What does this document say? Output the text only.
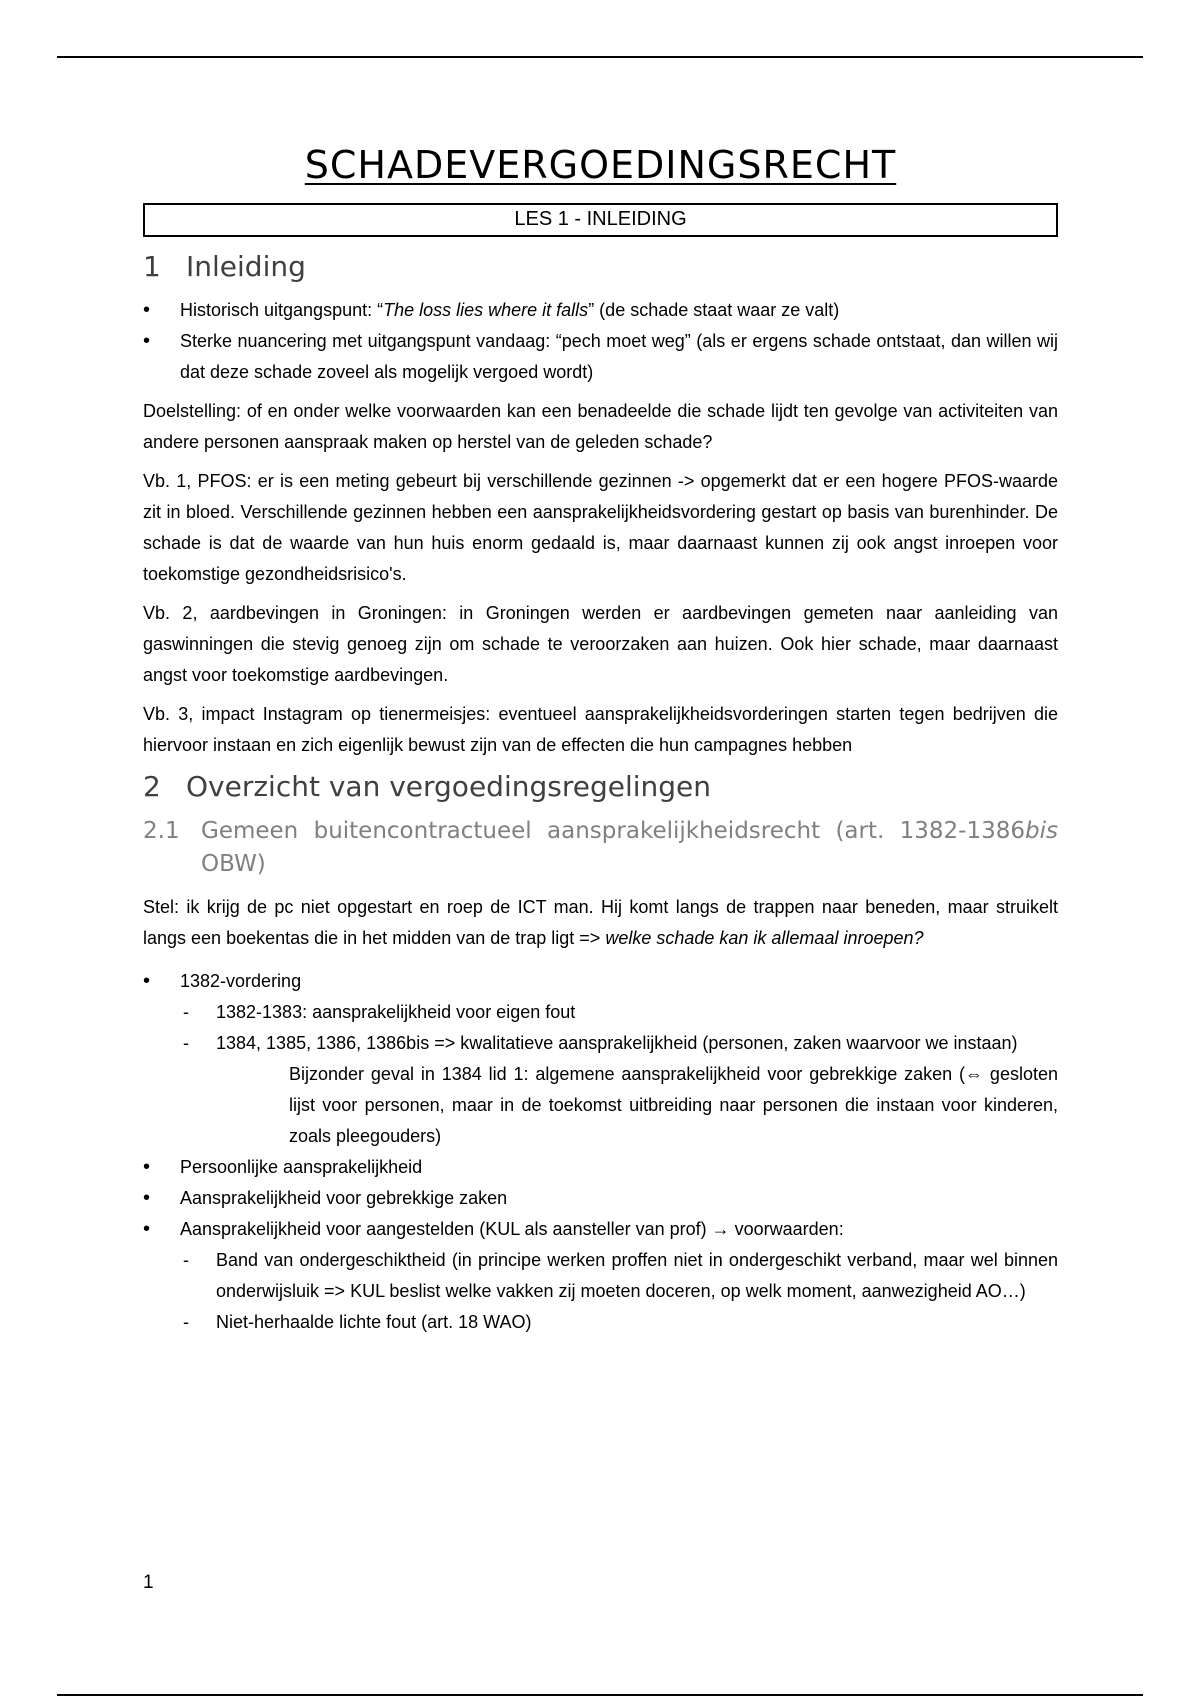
SCHADEVERGOEDINGSRECHT
LES 1 - INLEIDING
1 Inleiding
• Historisch uitgangspunt: “The loss lies where it falls” (de schade staat waar ze valt)
• Sterke nuancering met uitgangspunt vandaag: “pech moet weg” (als er ergens schade ontstaat, dan willen wij dat deze schade zoveel als mogelijk vergoed wordt)

Doelstelling: of en onder welke voorwaarden kan een benadeelde die schade lijdt ten gevolge van activiteiten van andere personen aanspraak maken op herstel van de geleden schade?

Vb. 1, PFOS: er is een meting gebeurt bij verschillende gezinnen -> opgemerkt dat er een hogere PFOS-waarde zit in bloed. Verschillende gezinnen hebben een aansprakelijkheidsvordering gestart op basis van burenhinder. De schade is dat de waarde van hun huis enorm gedaald is, maar daarnaast kunnen zij ook angst inroepen voor toekomstige gezondheidsrisico's.

Vb. 2, aardbevingen in Groningen: in Groningen werden er aardbevingen gemeten naar aanleiding van gaswinningen die stevig genoeg zijn om schade te veroorzaken aan huizen. Ook hier schade, maar daarnaast angst voor toekomstige aardbevingen.

Vb. 3, impact Instagram op tienermeisjes: eventueel aansprakelijkheidsvorderingen starten tegen bedrijven die hiervoor instaan en zich eigenlijk bewust zijn van de effecten die hun campagnes hebben

2 Overzicht van vergoedingsregelingen
2.1 Gemeen buitencontractueel aansprakelijkheidsrecht (art. 1382-1386bis OBW)

Stel: ik krijg de pc niet opgestart en roep de ICT man. Hij komt langs de trappen naar beneden, maar struikelt langs een boekentas die in het midden van de trap ligt => welke schade kan ik allemaal inroepen?

• 1382-vordering
- 1382-1383: aansprakelijkheid voor eigen fout
- 1384, 1385, 1386, 1386bis => kwalitatieve aansprakelijkheid (personen, zaken waarvoor we instaan)
Bijzonder geval in 1384 lid 1: algemene aansprakelijkheid voor gebrekkige zaken (⇔ gesloten lijst voor personen, maar in de toekomst uitbreiding naar personen die instaan voor kinderen, zoals pleegouders)
• Persoonlijke aansprakelijkheid
• Aansprakelijkheid voor gebrekkige zaken
• Aansprakelijkheid voor aangestelden (KUL als aansteller van prof) → voorwaarden:
- Band van ondergeschiktheid (in principe werken proffen niet in ondergeschikt verband, maar wel binnen onderwijsluik => KUL beslist welke vakken zij moeten doceren, op welk moment, aanwezigheid AO…)
- Niet-herhaalde lichte fout (art. 18 WAO)
1
